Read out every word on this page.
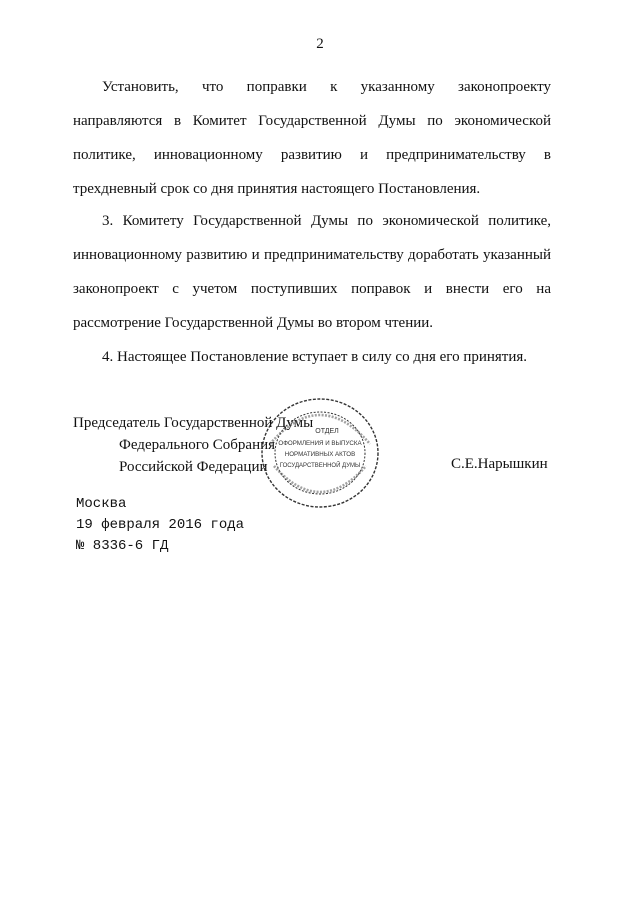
2
Установить, что поправки к указанному законопроекту
направляются в Комитет Государственной Думы по экономической
политике, инновационному развитию и предпринимательству в
трехдневный срок со дня принятия настоящего Постановления.
3. Комитету Государственной Думы по экономической политике,
инновационному развитию и предпринимательству доработать указанный
законопроект с учетом поступивших поправок и внести его на
рассмотрение Государственной Думы во втором чтении.
4. Настоящее Постановление вступает в силу со дня его принятия.
Председатель Государственной Думы
Федерального Собрания
Российской Федерации	С.Е.Нарышкин
ОТДЕЛ
ОФОРМЛЕНИЯ И ВЫПУСКА
НОРМАТИВНЫХ АКТОВ
ГОСУДАРСТВЕННОЙ ДУМЫ
Москва
19 февраля 2016 года
№ 8336-6 ГД
